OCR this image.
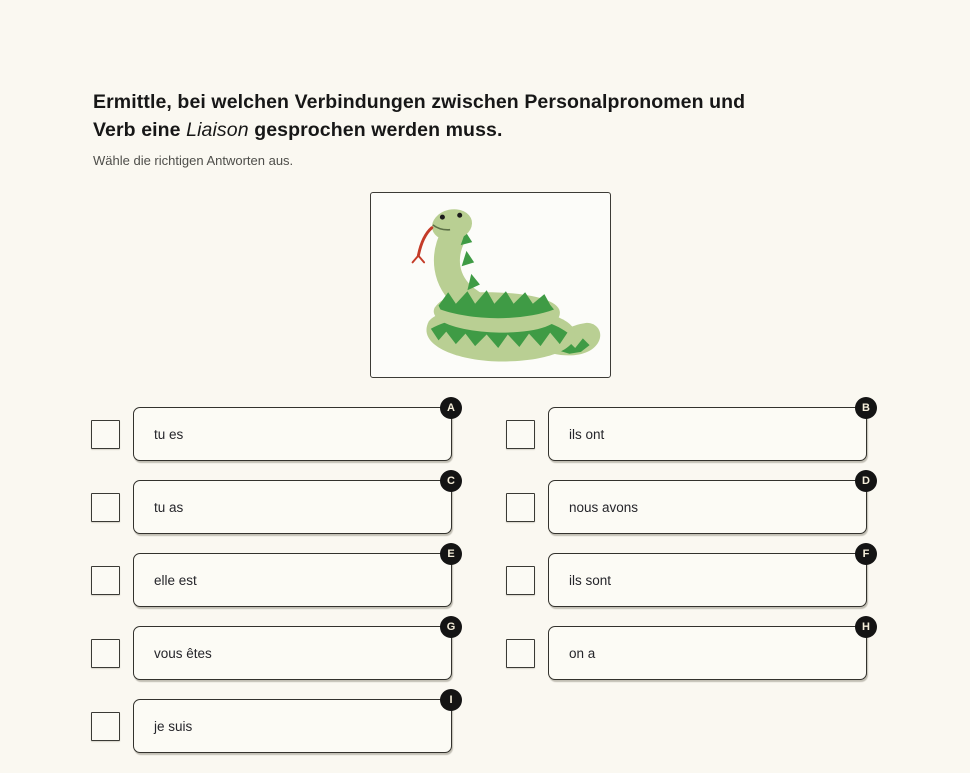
Ermittle, bei welchen Verbindungen zwischen Personalpronomen und
Verb eine Liaison gesprochen werden muss.

Wähle die richtigen Antworten aus.

tu es
A
ils ont
B
tu as
C
nous avons
D
elle est
E
ils sont
F
vous êtes
G
on a
H
je suis
I
